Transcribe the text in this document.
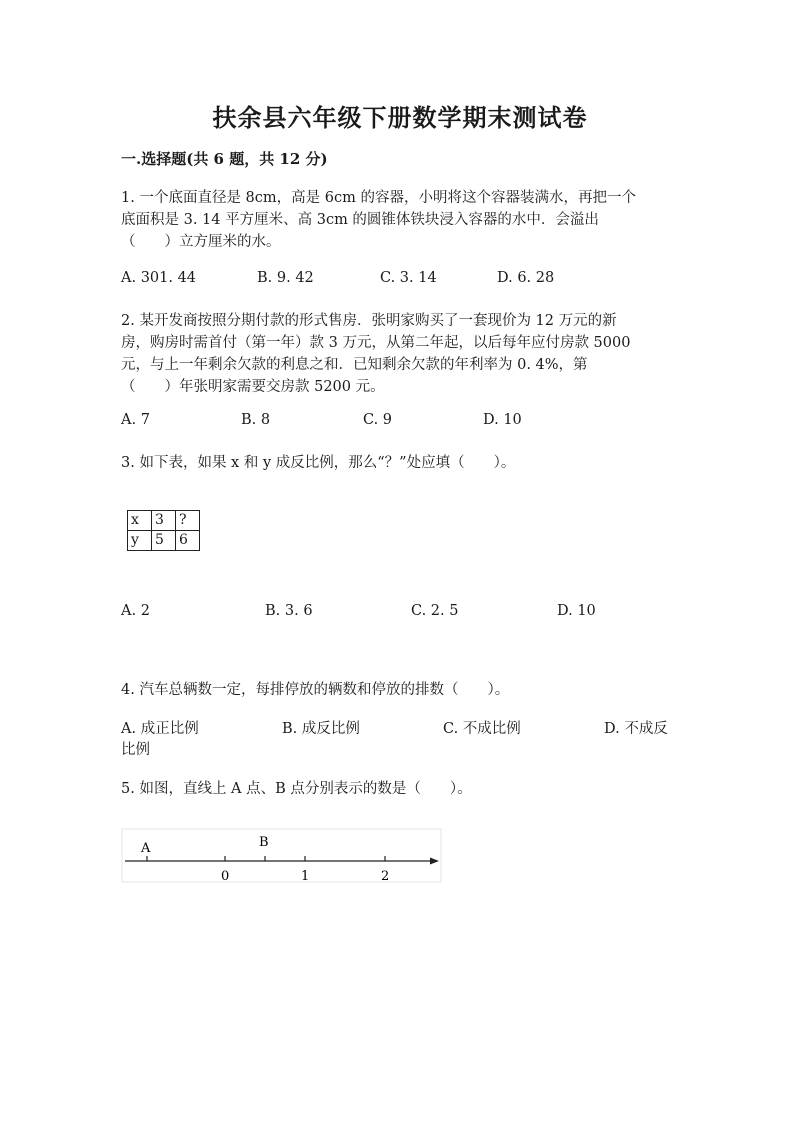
扶余县六年级下册数学期末测试卷
一.选择题(共 6 题，共 12 分)
1. 一个底面直径是 8cm，高是 6cm 的容器，小明将这个容器装满水，再把一个
底面积是 3. 14 平方厘米、高 3cm 的圆锥体铁块浸入容器的水中．会溢出
（　　）立方厘米的水。
A. 301. 44	B. 9. 42	C. 3. 14	D. 6. 28
2. 某开发商按照分期付款的形式售房．张明家购买了一套现价为 12 万元的新
房，购房时需首付（第一年）款 3 万元，从第二年起，以后每年应付房款 5000
元，与上一年剩余欠款的利息之和．已知剩余欠款的年利率为 0. 4%，第
（　　）年张明家需要交房款 5200 元。
A. 7	B. 8	C. 9	D. 10
3. 如下表，如果 x 和 y 成反比例，那么“？”处应填（　　）。
x	3	?
y	5	6
A. 2	B. 3. 6	C. 2. 5	D. 10
4. 汽车总辆数一定，每排停放的辆数和停放的排数（　　）。
A. 成正比例	B. 成反比例	C. 不成比例	D. 不成反
比例
5. 如图，直线上 A 点、B 点分别表示的数是（　　）。
A	B
0	1	2
